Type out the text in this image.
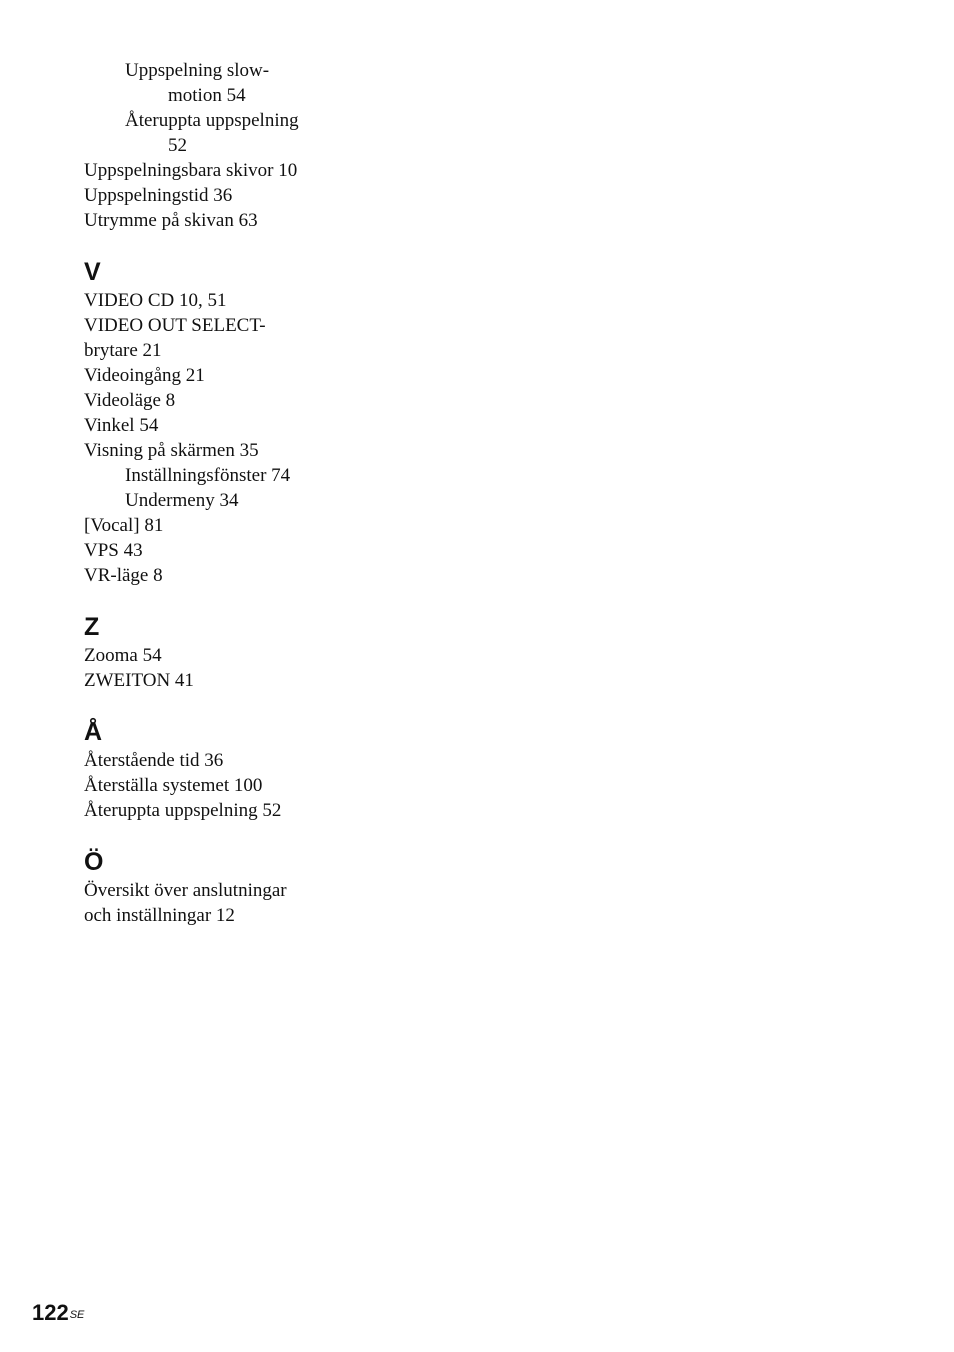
Uppspelning slow-
motion 54
Återuppta uppspelning
52
Uppspelningsbara skivor 10
Uppspelningstid 36
Utrymme på skivan 63
V
VIDEO CD 10, 51
VIDEO OUT SELECT-
brytare 21
Videoingång 21
Videoläge 8
Vinkel 54
Visning på skärmen 35
Inställningsfönster 74
Undermeny 34
[Vocal] 81
VPS 43
VR-läge 8
Z
Zooma 54
ZWEITON 41
Å
Återstående tid 36
Återställa systemet 100
Återuppta uppspelning 52
Ö
Översikt över anslutningar
och inställningar 12
$122^{SE}$
